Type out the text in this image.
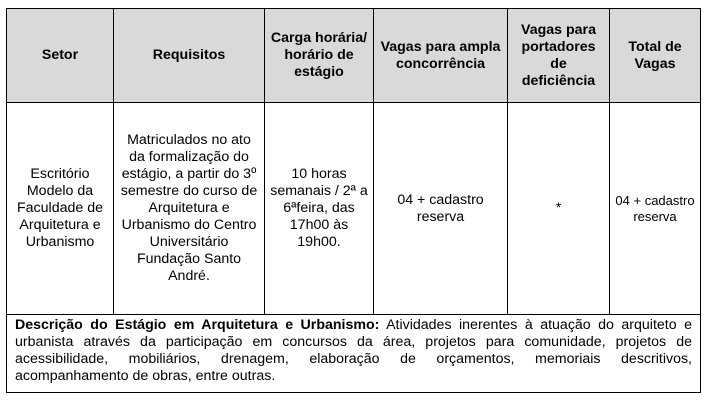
Setor	Requisitos	Carga horária/ horário de estágio	Vagas para ampla concorrência	Vagas para portadores de deficiência	Total de Vagas

Escritório Modelo da Faculdade de Arquitetura e Urbanismo	Matriculados no ato da formalização do estágio, a partir do 3º semestre do curso de Arquitetura e Urbanismo do Centro Universitário Fundação Santo André.	10 horas semanais / 2ª a 6ªfeira, das 17h00 às 19h00.	04 + cadastro reserva	*	04 + cadastro reserva

Descrição do Estágio em Arquitetura e Urbanismo: Atividades inerentes à atuação do arquiteto e urbanista através da participação em concursos da área, projetos para comunidade, projetos de acessibilidade, mobiliários, drenagem, elaboração de orçamentos, memoriais descritivos, acompanhamento de obras, entre outras.					
